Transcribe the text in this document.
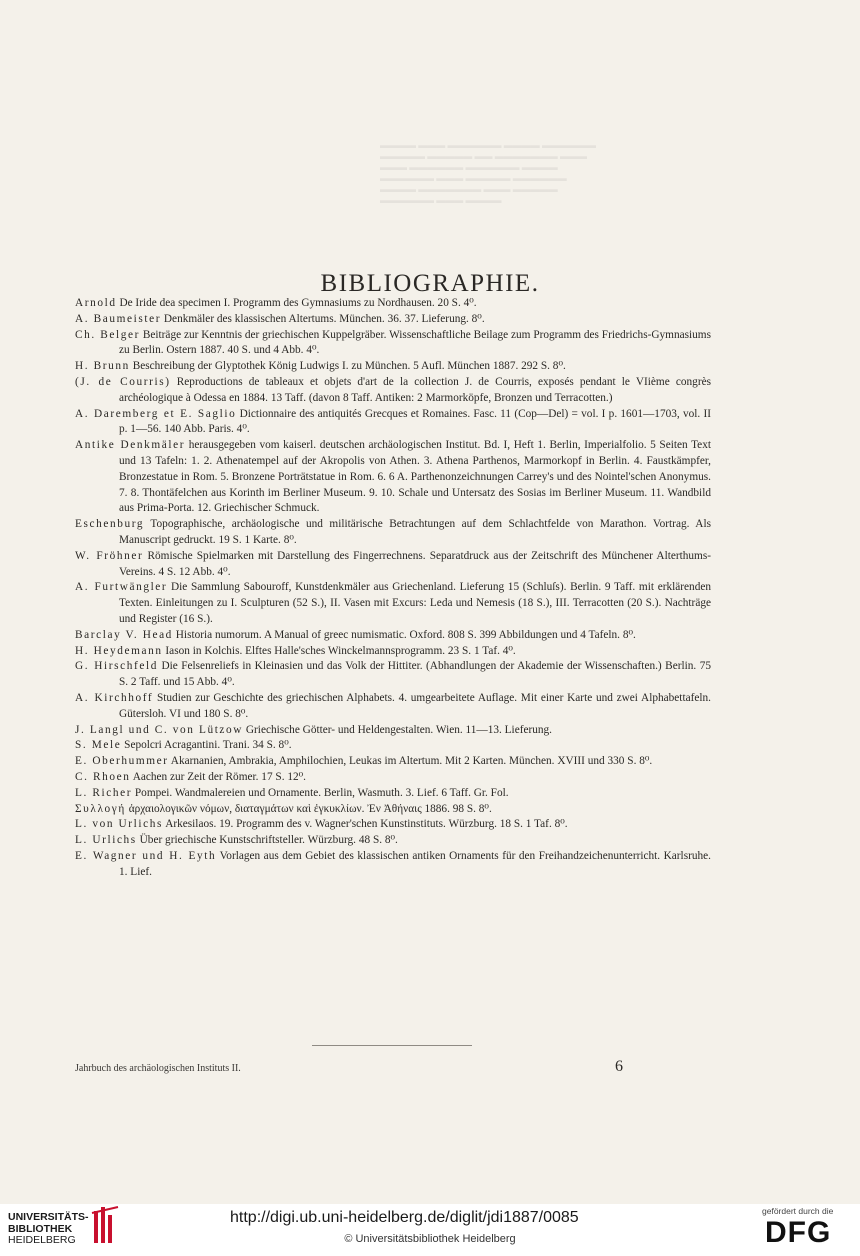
▬▬▬▬ ▬▬▬ ▬▬▬▬▬▬ ▬▬▬▬ ▬▬▬▬▬▬
▬▬▬▬▬ ▬▬▬▬▬ ▬▬ ▬▬▬▬▬▬▬ ▬▬▬
▬▬▬ ▬▬▬▬▬▬ ▬▬▬▬▬▬ ▬▬▬▬
▬▬▬▬▬▬ ▬▬▬ ▬▬▬▬▬ ▬▬▬▬▬▬
▬▬▬▬ ▬▬▬▬▬▬▬ ▬▬▬ ▬▬▬▬▬
▬▬▬▬▬▬ ▬▬▬ ▬▬▬▬
BIBLIOGRAPHIE.
Arnold De Iride dea specimen I. Programm des Gymnasiums zu Nordhausen. 20 S. 4⁰.
A. Baumeister Denkmäler des klassischen Altertums. München. 36. 37. Lieferung. 8⁰.
Ch. Belger Beiträge zur Kenntnis der griechischen Kuppelgräber. Wissenschaftliche Beilage zum Programm des Friedrichs-Gymnasiums zu Berlin. Ostern 1887. 40 S. und 4 Abb. 4⁰.
H. Brunn Beschreibung der Glyptothek König Ludwigs I. zu München. 5 Aufl. München 1887. 292 S. 8⁰.
(J. de Courris) Reproductions de tableaux et objets d'art de la collection J. de Courris, exposés pendant le VIième congrès archéologique à Odessa en 1884. 13 Taff. (davon 8 Taff. Antiken: 2 Marmorköpfe, Bronzen und Terracotten.)
A. Daremberg et E. Saglio Dictionnaire des antiquités Grecques et Romaines. Fasc. 11 (Cop—Del) = vol. I p. 1601—1703, vol. II p. 1—56. 140 Abb. Paris. 4⁰.
Antike Denkmäler herausgegeben vom kaiserl. deutschen archäologischen Institut. Bd. I, Heft 1. Berlin, Imperialfolio. 5 Seiten Text und 13 Tafeln: 1. 2. Athenatempel auf der Akropolis von Athen. 3. Athena Parthenos, Marmorkopf in Berlin. 4. Faustkämpfer, Bronzestatue in Rom. 5. Bronzene Porträtstatue in Rom. 6. 6 A. Parthenonzeichnungen Carrey's und des Nointel'schen Anonymus. 7. 8. Thontäfelchen aus Korinth im Berliner Museum. 9. 10. Schale und Untersatz des Sosias im Berliner Museum. 11. Wandbild aus Prima-Porta. 12. Griechischer Schmuck.
Eschenburg Topographische, archäologische und militärische Betrachtungen auf dem Schlachtfelde von Marathon. Vortrag. Als Manuscript gedruckt. 19 S. 1 Karte. 8⁰.
W. Fröhner Römische Spielmarken mit Darstellung des Fingerrechnens. Separatdruck aus der Zeitschrift des Münchener Alterthums-Vereins. 4 S. 12 Abb. 4⁰.
A. Furtwängler Die Sammlung Sabouroff, Kunstdenkmäler aus Griechenland. Lieferung 15 (Schluſs). Berlin. 9 Taff. mit erklärenden Texten. Einleitungen zu I. Sculpturen (52 S.), II. Vasen mit Excurs: Leda und Nemesis (18 S.), III. Terracotten (20 S.). Nachträge und Register (16 S.).
Barclay V. Head Historia numorum. A Manual of greec numismatic. Oxford. 808 S. 399 Abbildungen und 4 Tafeln. 8⁰.
H. Heydemann Iason in Kolchis. Elftes Halle'sches Winckelmannsprogramm. 23 S. 1 Taf. 4⁰.
G. Hirschfeld Die Felsenreliefs in Kleinasien und das Volk der Hittiter. (Abhandlungen der Akademie der Wissenschaften.) Berlin. 75 S. 2 Taff. und 15 Abb. 4⁰.
A. Kirchhoff Studien zur Geschichte des griechischen Alphabets. 4. umgearbeitete Auflage. Mit einer Karte und zwei Alphabettafeln. Gütersloh. VI und 180 S. 8⁰.
J. Langl und C. von Lützow Griechische Götter- und Heldengestalten. Wien. 11—13. Lieferung.
S. Mele Sepolcri Acragantini. Trani. 34 S. 8⁰.
E. Oberhummer Akarnanien, Ambrakia, Amphilochien, Leukas im Altertum. Mit 2 Karten. München. XVIII und 330 S. 8⁰.
C. Rhoen Aachen zur Zeit der Römer. 17 S. 12⁰.
L. Richer Pompei. Wandmalereien und Ornamente. Berlin, Wasmuth. 3. Lief. 6 Taff. Gr. Fol.
Συλλογή ἀρχαιολογικῶν νόμων, διαταγμάτων καὶ ἐγκυκλίων. Ἐν Ἀθήναις 1886. 98 S. 8⁰.
L. von Urlichs Arkesilaos. 19. Programm des v. Wagner'schen Kunstinstituts. Würzburg. 18 S. 1 Taf. 8⁰.
L. Urlichs Über griechische Kunstschriftsteller. Würzburg. 48 S. 8⁰.
E. Wagner und H. Eyth Vorlagen aus dem Gebiet des klassischen antiken Ornaments für den Freihandzeichenunterricht. Karlsruhe. 1. Lief.
Jahrbuch des archäologischen Instituts II.	6
UNIVERSITÄTS-
BIBLIOTHEK
HEIDELBERG
http://digi.ub.uni-heidelberg.de/diglit/jdi1887/0085
© Universitätsbibliothek Heidelberg
gefördert durch die
DFG
